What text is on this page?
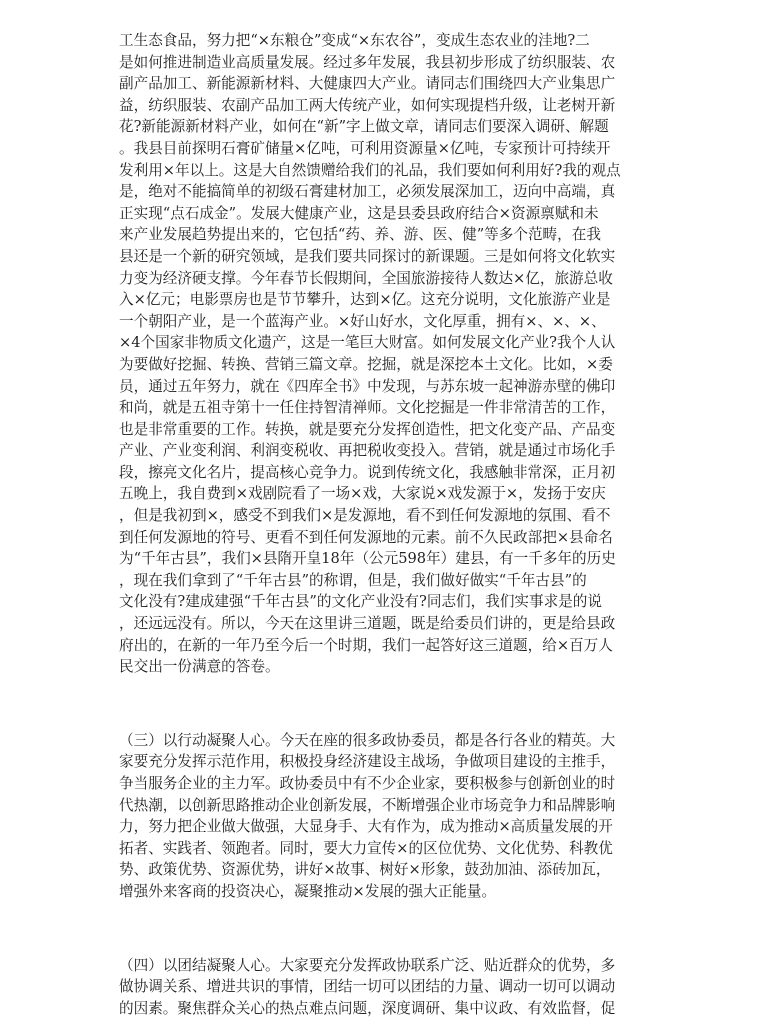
工生态食品，努力把“×东粮仓”变成“×东农谷”，变成生态农业的洼地?二
是如何推进制造业高质量发展。经过多年发展，我县初步形成了纺织服装、农
副产品加工、新能源新材料、大健康四大产业。请同志们围绕四大产业集思广
益，纺织服装、农副产品加工两大传统产业，如何实现提档升级，让老树开新
花?新能源新材料产业，如何在“新”字上做文章，请同志们要深入调研、解题
。我县目前探明石膏矿储量×亿吨，可利用资源量×亿吨，专家预计可持续开
发利用×年以上。这是大自然馈赠给我们的礼品，我们要如何利用好?我的观点
是，绝对不能搞简单的初级石膏建材加工，必须发展深加工，迈向中高端，真
正实现“点石成金”。发展大健康产业，这是县委县政府结合×资源禀赋和未
来产业发展趋势提出来的，它包括“药、养、游、医、健”等多个范畴，在我
县还是一个新的研究领域，是我们要共同探讨的新课题。三是如何将文化软实
力变为经济硬支撑。今年春节长假期间，全国旅游接待人数达×亿，旅游总收
入×亿元；电影票房也是节节攀升，达到×亿。这充分说明，文化旅游产业是
一个朝阳产业，是一个蓝海产业。×好山好水，文化厚重，拥有×、×、×、
×4个国家非物质文化遗产，这是一笔巨大财富。如何发展文化产业?我个人认
为要做好挖掘、转换、营销三篇文章。挖掘，就是深挖本土文化。比如，×委
员，通过五年努力，就在《四库全书》中发现，与苏东坡一起神游赤壁的佛印
和尚，就是五祖寺第十一任住持智清禅师。文化挖掘是一件非常清苦的工作，
也是非常重要的工作。转换，就是要充分发挥创造性，把文化变产品、产品变
产业、产业变利润、利润变税收、再把税收变投入。营销，就是通过市场化手
段，擦亮文化名片，提高核心竞争力。说到传统文化，我感触非常深，正月初
五晚上，我自费到×戏剧院看了一场×戏，大家说×戏发源于×，发扬于安庆
，但是我初到×，感受不到我们×是发源地，看不到任何发源地的氛围、看不
到任何发源地的符号、更看不到任何发源地的元素。前不久民政部把×县命名
为“千年古县”，我们×县隋开皇18年（公元598年）建县，有一千多年的历史
，现在我们拿到了“千年古县”的称谓，但是，我们做好做实“千年古县”的
文化没有?建成建强“千年古县”的文化产业没有?同志们，我们实事求是的说
，还远远没有。所以，今天在这里讲三道题，既是给委员们讲的，更是给县政
府出的，在新的一年乃至今后一个时期，我们一起答好这三道题，给×百万人
民交出一份满意的答卷。
（三）以行动凝聚人心。今天在座的很多政协委员，都是各行各业的精英。大
家要充分发挥示范作用，积极投身经济建设主战场，争做项目建设的主推手，
争当服务企业的主力军。政协委员中有不少企业家，要积极参与创新创业的时
代热潮，以创新思路推动企业创新发展，不断增强企业市场竞争力和品牌影响
力，努力把企业做大做强，大显身手、大有作为，成为推动×高质量发展的开
拓者、实践者、领跑者。同时，要大力宣传×的区位优势、文化优势、科教优
势、政策优势、资源优势，讲好×故事、树好×形象，鼓劲加油、添砖加瓦，
增强外来客商的投资决心，凝聚推动×发展的强大正能量。
（四）以团结凝聚人心。大家要充分发挥政协联系广泛、贴近群众的优势，多
做协调关系、增进共识的事情，团结一切可以团结的力量、调动一切可以调动
的因素。聚焦群众关心的热点难点问题，深度调研、集中议政、有效监督，促
